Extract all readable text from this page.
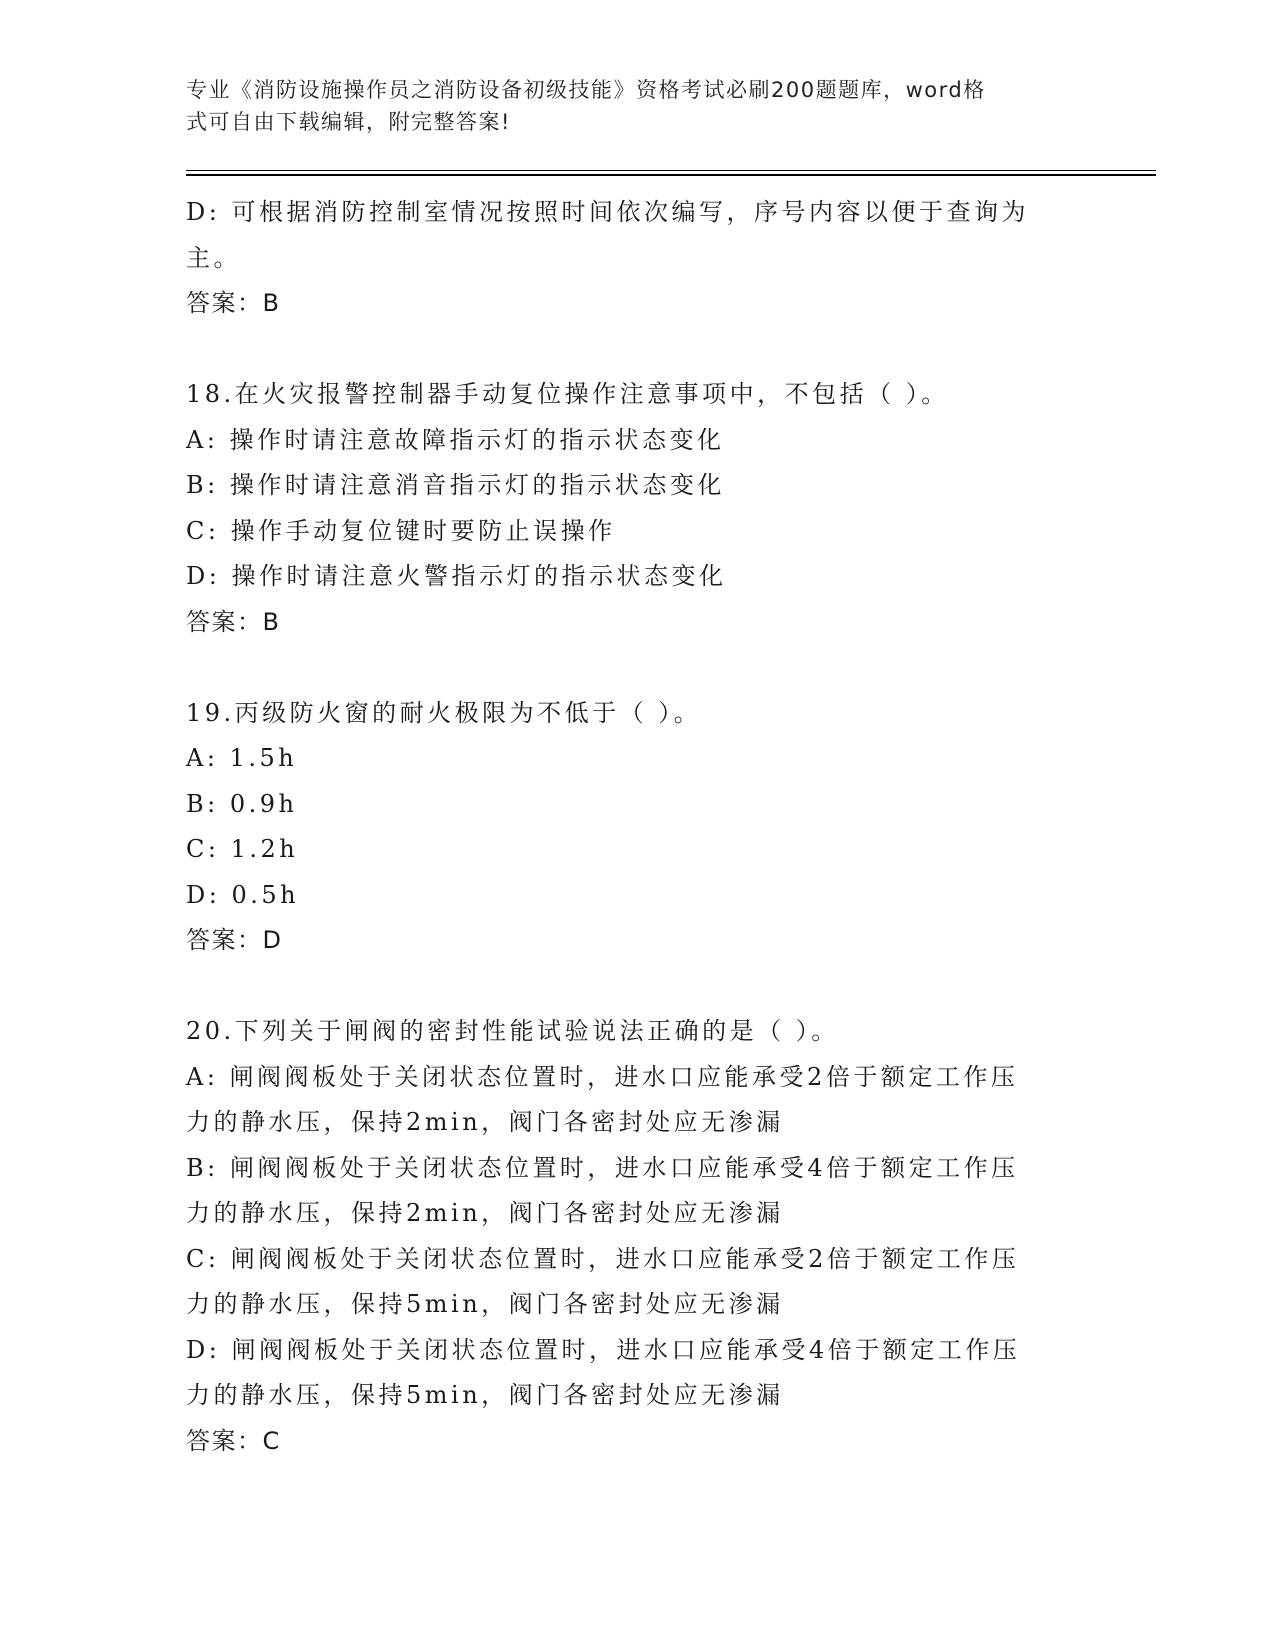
专业《消防设施操作员之消防设备初级技能》资格考试必刷200题题库，word格
式可自由下载编辑，附完整答案!
D: 可根据消防控制室情况按照时间依次编写，序号内容以便于查询为
主。
答案：B
18.在火灾报警控制器手动复位操作注意事项中，不包括（ ）。
A: 操作时请注意故障指示灯的指示状态变化
B: 操作时请注意消音指示灯的指示状态变化
C: 操作手动复位键时要防止误操作
D: 操作时请注意火警指示灯的指示状态变化
答案：B
19.丙级防火窗的耐火极限为不低于（ ）。
A: 1.5h
B: 0.9h
C: 1.2h
D: 0.5h
答案：D
20.下列关于闸阀的密封性能试验说法正确的是（ ）。
A: 闸阀阀板处于关闭状态位置时，进水口应能承受2倍于额定工作压
力的静水压，保持2min，阀门各密封处应无渗漏
B: 闸阀阀板处于关闭状态位置时，进水口应能承受4倍于额定工作压
力的静水压，保持2min，阀门各密封处应无渗漏
C: 闸阀阀板处于关闭状态位置时，进水口应能承受2倍于额定工作压
力的静水压，保持5min，阀门各密封处应无渗漏
D: 闸阀阀板处于关闭状态位置时，进水口应能承受4倍于额定工作压
力的静水压，保持5min，阀门各密封处应无渗漏
答案：C
